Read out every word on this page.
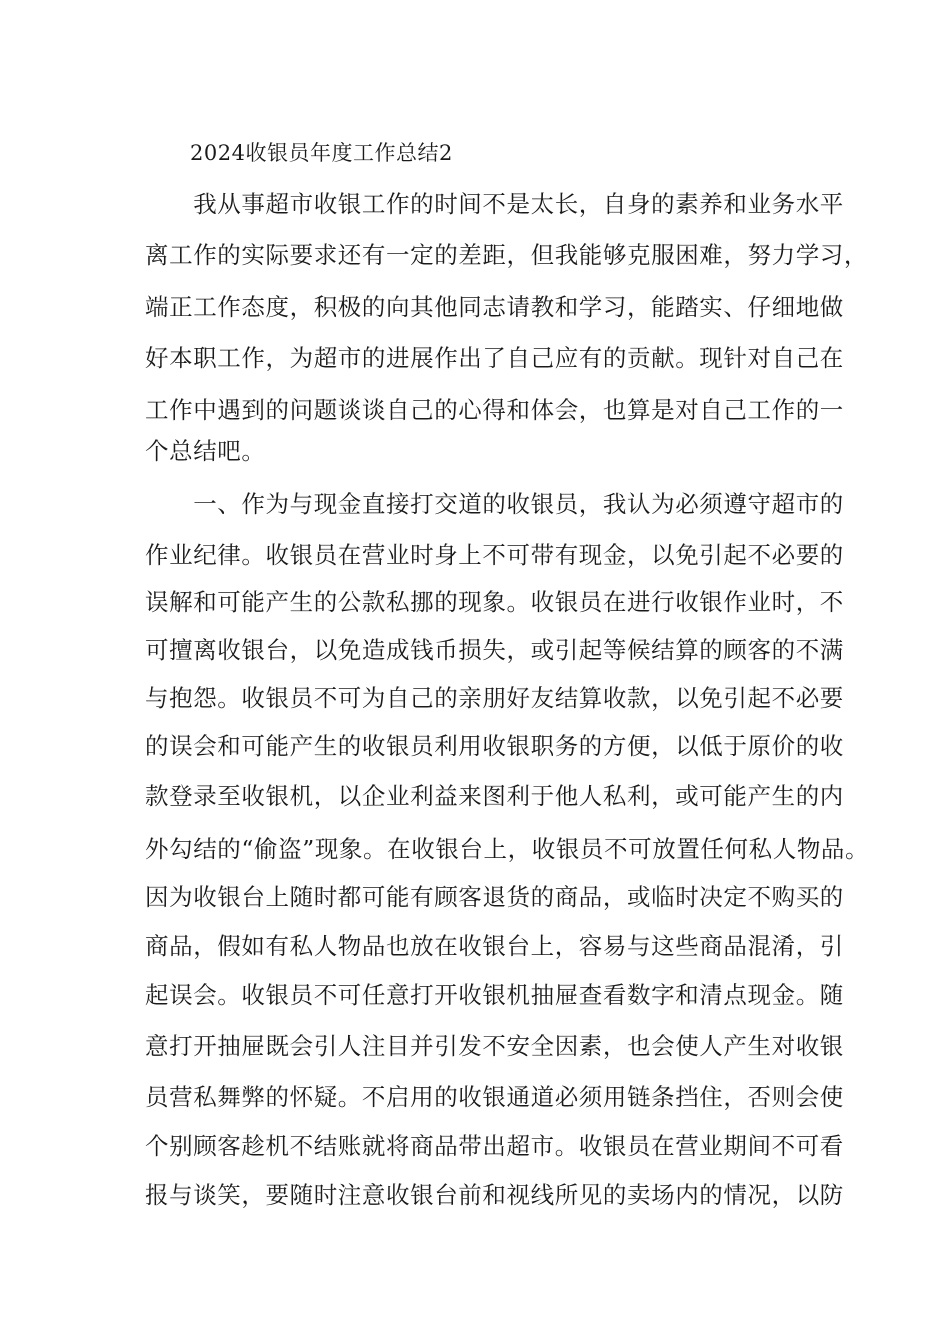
2024收银员年度工作总结2
　　我从事超市收银工作的时间不是太长，自身的素养和业务水平
离工作的实际要求还有一定的差距，但我能够克服困难，努力学习，
端正工作态度，积极的向其他同志请教和学习，能踏实、仔细地做
好本职工作，为超市的进展作出了自己应有的贡献。现针对自己在
工作中遇到的问题谈谈自己的心得和体会，也算是对自己工作的一
个总结吧。
　　一、作为与现金直接打交道的收银员，我认为必须遵守超市的
作业纪律。收银员在营业时身上不可带有现金，以免引起不必要的
误解和可能产生的公款私挪的现象。收银员在进行收银作业时，不
可擅离收银台，以免造成钱币损失，或引起等候结算的顾客的不满
与抱怨。收银员不可为自己的亲朋好友结算收款，以免引起不必要
的误会和可能产生的收银员利用收银职务的方便，以低于原价的收
款登录至收银机，以企业利益来图利于他人私利，或可能产生的内
外勾结的“偷盗”现象。在收银台上，收银员不可放置任何私人物品。
因为收银台上随时都可能有顾客退货的商品，或临时决定不购买的
商品，假如有私人物品也放在收银台上，容易与这些商品混淆，引
起误会。收银员不可任意打开收银机抽屉查看数字和清点现金。随
意打开抽屉既会引人注目并引发不安全因素，也会使人产生对收银
员营私舞弊的怀疑。不启用的收银通道必须用链条挡住，否则会使
个别顾客趁机不结账就将商品带出超市。收银员在营业期间不可看
报与谈笑，要随时注意收银台前和视线所见的卖场内的情况，以防
